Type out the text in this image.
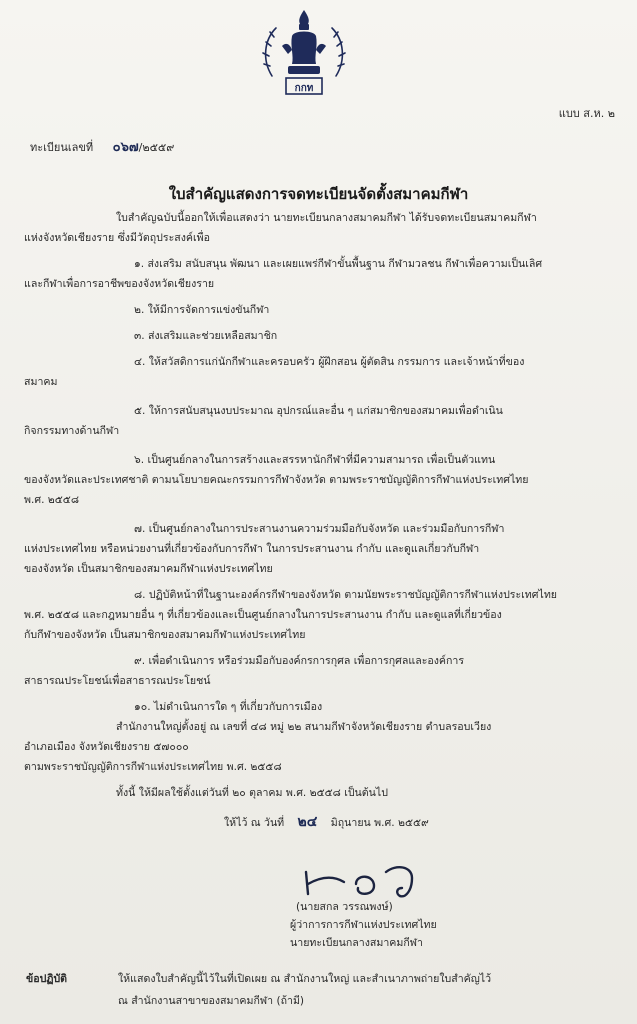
กกท
แบบ ส.ห. ๒
ทะเบียนเลขที่ ๐๖๗/๒๕๕๙
ใบสำคัญแสดงการจดทะเบียนจัดตั้งสมาคมกีฬา
ใบสำคัญฉบับนี้ออกให้เพื่อแสดงว่า นายทะเบียนกลางสมาคมกีฬา ได้รับจดทะเบียนสมาคมกีฬา
แห่งจังหวัดเชียงราย ซึ่งมีวัตถุประสงค์เพื่อ
๑. ส่งเสริม สนับสนุน พัฒนา และเผยแพร่กีฬาขั้นพื้นฐาน กีฬามวลชน กีฬาเพื่อความเป็นเลิศ
และกีฬาเพื่อการอาชีพของจังหวัดเชียงราย
๒. ให้มีการจัดการแข่งขันกีฬา
๓. ส่งเสริมและช่วยเหลือสมาชิก
๔. ให้สวัสดิการแก่นักกีฬาและครอบครัว ผู้ฝึกสอน ผู้ตัดสิน กรรมการ และเจ้าหน้าที่ของ
สมาคม
๕. ให้การสนับสนุนงบประมาณ อุปกรณ์และอื่น ๆ แก่สมาชิกของสมาคมเพื่อดำเนิน
กิจกรรมทางด้านกีฬา
๖. เป็นศูนย์กลางในการสร้างและสรรหานักกีฬาที่มีความสามารถ เพื่อเป็นตัวแทน
ของจังหวัดและประเทศชาติ ตามนโยบายคณะกรรมการกีฬาจังหวัด ตามพระราชบัญญัติการกีฬาแห่งประเทศไทย
พ.ศ. ๒๕๕๘
๗. เป็นศูนย์กลางในการประสานงานความร่วมมือกับจังหวัด และร่วมมือกับการกีฬา
แห่งประเทศไทย หรือหน่วยงานที่เกี่ยวข้องกับการกีฬา ในการประสานงาน กำกับ และดูแลเกี่ยวกับกีฬา
ของจังหวัด เป็นสมาชิกของสมาคมกีฬาแห่งประเทศไทย
๘. ปฏิบัติหน้าที่ในฐานะองค์กรกีฬาของจังหวัด ตามนัยพระราชบัญญัติการกีฬาแห่งประเทศไทย
พ.ศ. ๒๕๕๘ และกฎหมายอื่น ๆ ที่เกี่ยวข้องและเป็นศูนย์กลางในการประสานงาน กำกับ และดูแลที่เกี่ยวข้อง
กับกีฬาของจังหวัด เป็นสมาชิกของสมาคมกีฬาแห่งประเทศไทย
๙. เพื่อดำเนินการ หรือร่วมมือกับองค์กรการกุศล เพื่อการกุศลและองค์การ
สาธารณประโยชน์เพื่อสาธารณประโยชน์
๑๐. ไม่ดำเนินการใด ๆ ที่เกี่ยวกับการเมือง
สำนักงานใหญ่ตั้งอยู่ ณ เลขที่ ๔๘ หมู่ ๒๒ สนามกีฬาจังหวัดเชียงราย ตำบลรอบเวียง
อำเภอเมือง จังหวัดเชียงราย ๕๗๐๐๐
ตามพระราชบัญญัติการกีฬาแห่งประเทศไทย พ.ศ. ๒๕๕๘
ทั้งนี้ ให้มีผลใช้ตั้งแต่วันที่ ๒๐ ตุลาคม พ.ศ. ๒๕๕๘ เป็นต้นไป
ให้ไว้ ณ วันที่ ๒๔ มิถุนายน พ.ศ. ๒๕๕๙
(นายสกล วรรณพงษ์)
ผู้ว่าการการกีฬาแห่งประเทศไทย
นายทะเบียนกลางสมาคมกีฬา
ข้อปฏิบัติ	ให้แสดงใบสำคัญนี้ไว้ในที่เปิดเผย ณ สำนักงานใหญ่ และสำเนาภาพถ่ายใบสำคัญไว้
ณ สำนักงานสาขาของสมาคมกีฬา (ถ้ามี)
